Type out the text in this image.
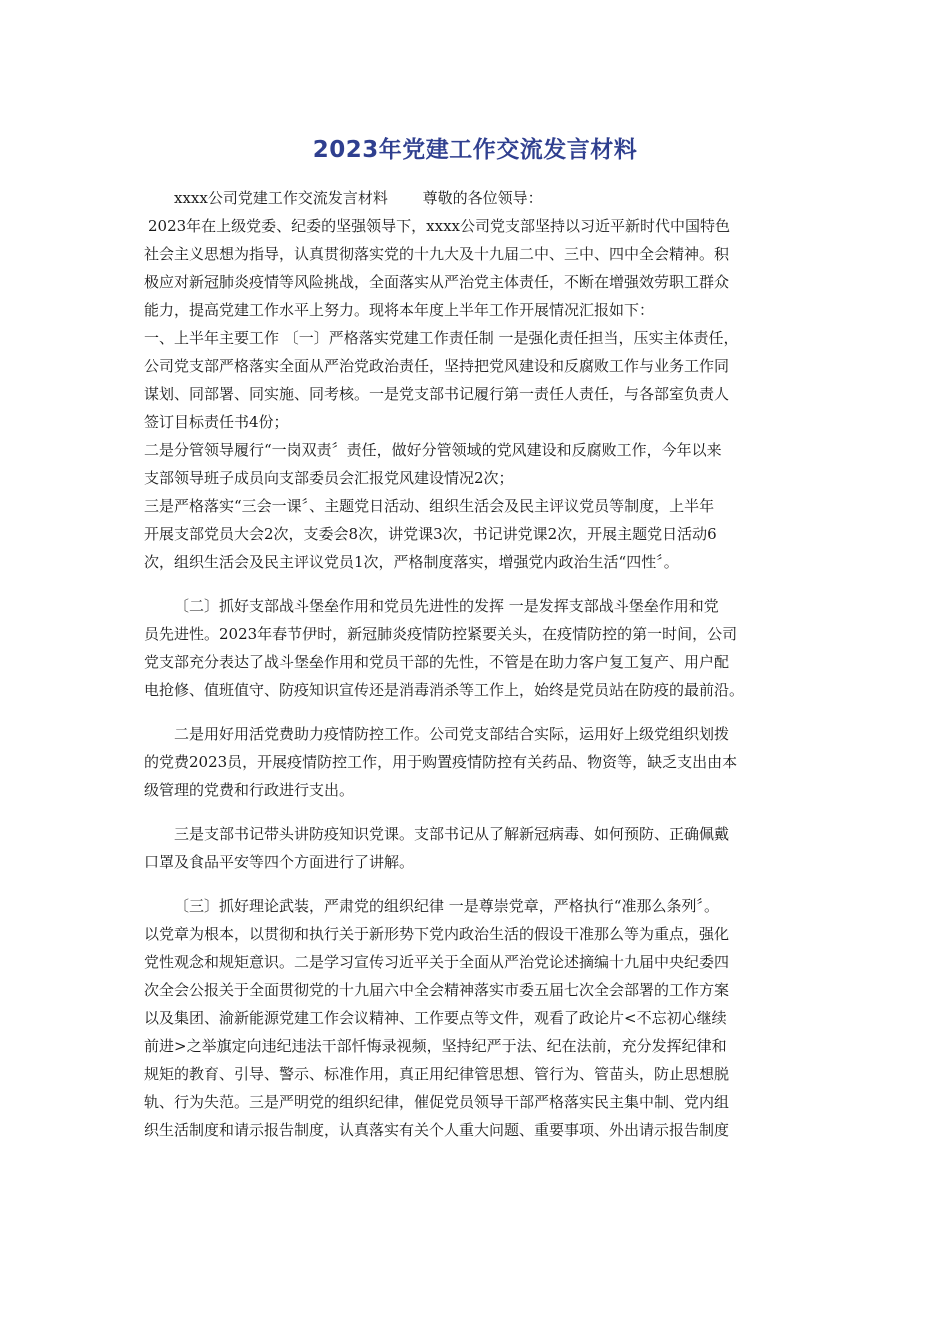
2023年党建工作交流发言材料
xxxx公司党建工作交流发言材料　　 尊敬的各位领导：
2023年在上级党委、纪委的坚强领导下，xxxx公司党支部坚持以习近平新时代中国特色
社会主义思想为指导，认真贯彻落实党的十九大及十九届二中、三中、四中全会精神。积
极应对新冠肺炎疫情等风险挑战，全面落实从严治党主体责任，不断在增强效劳职工群众
能力，提高党建工作水平上努力。现将本年度上半年工作开展情况汇报如下：
一、上半年主要工作 〔一〕严格落实党建工作责任制 一是强化责任担当，压实主体责任，
公司党支部严格落实全面从严治党政治责任，坚持把党风建设和反腐败工作与业务工作同
谋划、同部署、同实施、同考核。一是党支部书记履行第一责任人责任，与各部室负责人
签订目标责任书4份；
二是分管领导履行“一岗双责〞责任，做好分管领域的党风建设和反腐败工作，今年以来
支部领导班子成员向支部委员会汇报党风建设情况2次；
三是严格落实“三会一课〞、主题党日活动、组织生活会及民主评议党员等制度，上半年
开展支部党员大会2次，支委会8次，讲党课3次，书记讲党课2次，开展主题党日活动6
次，组织生活会及民主评议党员1次，严格制度落实，增强党内政治生活“四性〞。
〔二〕抓好支部战斗堡垒作用和党员先进性的发挥 一是发挥支部战斗堡垒作用和党
员先进性。2023年春节伊时，新冠肺炎疫情防控紧要关头，在疫情防控的第一时间，公司
党支部充分表达了战斗堡垒作用和党员干部的先性，不管是在助力客户复工复产、用户配
电抢修、值班值守、防疫知识宣传还是消毒消杀等工作上，始终是党员站在防疫的最前沿。
二是用好用活党费助力疫情防控工作。公司党支部结合实际，运用好上级党组织划拨
的党费2023员，开展疫情防控工作，用于购置疫情防控有关药品、物资等，缺乏支出由本
级管理的党费和行政进行支出。
三是支部书记带头讲防疫知识党课。支部书记从了解新冠病毒、如何预防、正确佩戴
口罩及食品平安等四个方面进行了讲解。
〔三〕抓好理论武装，严肃党的组织纪律 一是尊崇党章，严格执行“准那么条列〞。
以党章为根本，以贯彻和执行关于新形势下党内政治生活的假设干准那么等为重点，强化
党性观念和规矩意识。二是学习宣传习近平关于全面从严治党论述摘编十九届中央纪委四
次全会公报关于全面贯彻党的十九届六中全会精神落实市委五届七次全会部署的工作方案
以及集团、渝新能源党建工作会议精神、工作要点等文件，观看了政论片<不忘初心继续
前进>之举旗定向违纪违法干部忏悔录视频，坚持纪严于法、纪在法前，充分发挥纪律和
规矩的教育、引导、警示、标准作用，真正用纪律管思想、管行为、管苗头，防止思想脱
轨、行为失范。三是严明党的组织纪律，催促党员领导干部严格落实民主集中制、党内组
织生活制度和请示报告制度，认真落实有关个人重大问题、重要事项、外出请示报告制度
